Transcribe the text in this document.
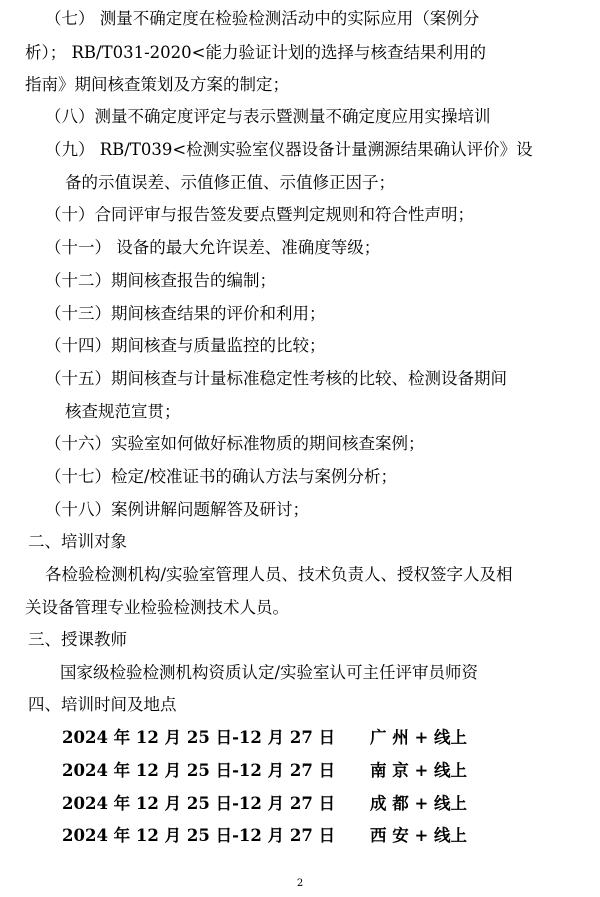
（七） 测量不确定度在检验检测活动中的实际应用（案例分
析）； RB/T031-2020<能力验证计划的选择与核查结果利用的
指南》期间核查策划及方案的制定；
（八）测量不确定度评定与表示暨测量不确定度应用实操培训
（九） RB/T039<检测实验室仪器设备计量溯源结果确认评价》设
备的示值误差、示值修正值、示值修正因子；
（十）合同评审与报告签发要点暨判定规则和符合性声明；
（十一） 设备的最大允许误差、准确度等级；
（十二）期间核查报告的编制；
（十三）期间核查结果的评价和利用；
（十四）期间核查与质量监控的比较；
（十五）期间核查与计量标准稳定性考核的比较、检测设备期间
核查规范宣贯；
（十六）实验室如何做好标准物质的期间核查案例；
（十七）检定/校准证书的确认方法与案例分析；
（十八）案例讲解问题解答及研讨；
二、培训对象
各检验检测机构/实验室管理人员、技术负责人、授权签字人及相
关设备管理专业检验检测技术人员。
三、授课教师
国家级检验检测机构资质认定/实验室认可主任评审员师资
四、培训时间及地点
2024 年 12 月 25 日-12 月 27 日 广 州 + 线上
2024 年 12 月 25 日-12 月 27 日 南 京 + 线上
2024 年 12 月 25 日-12 月 27 日 成 都 + 线上
2024 年 12 月 25 日-12 月 27 日 西 安 + 线上
2
